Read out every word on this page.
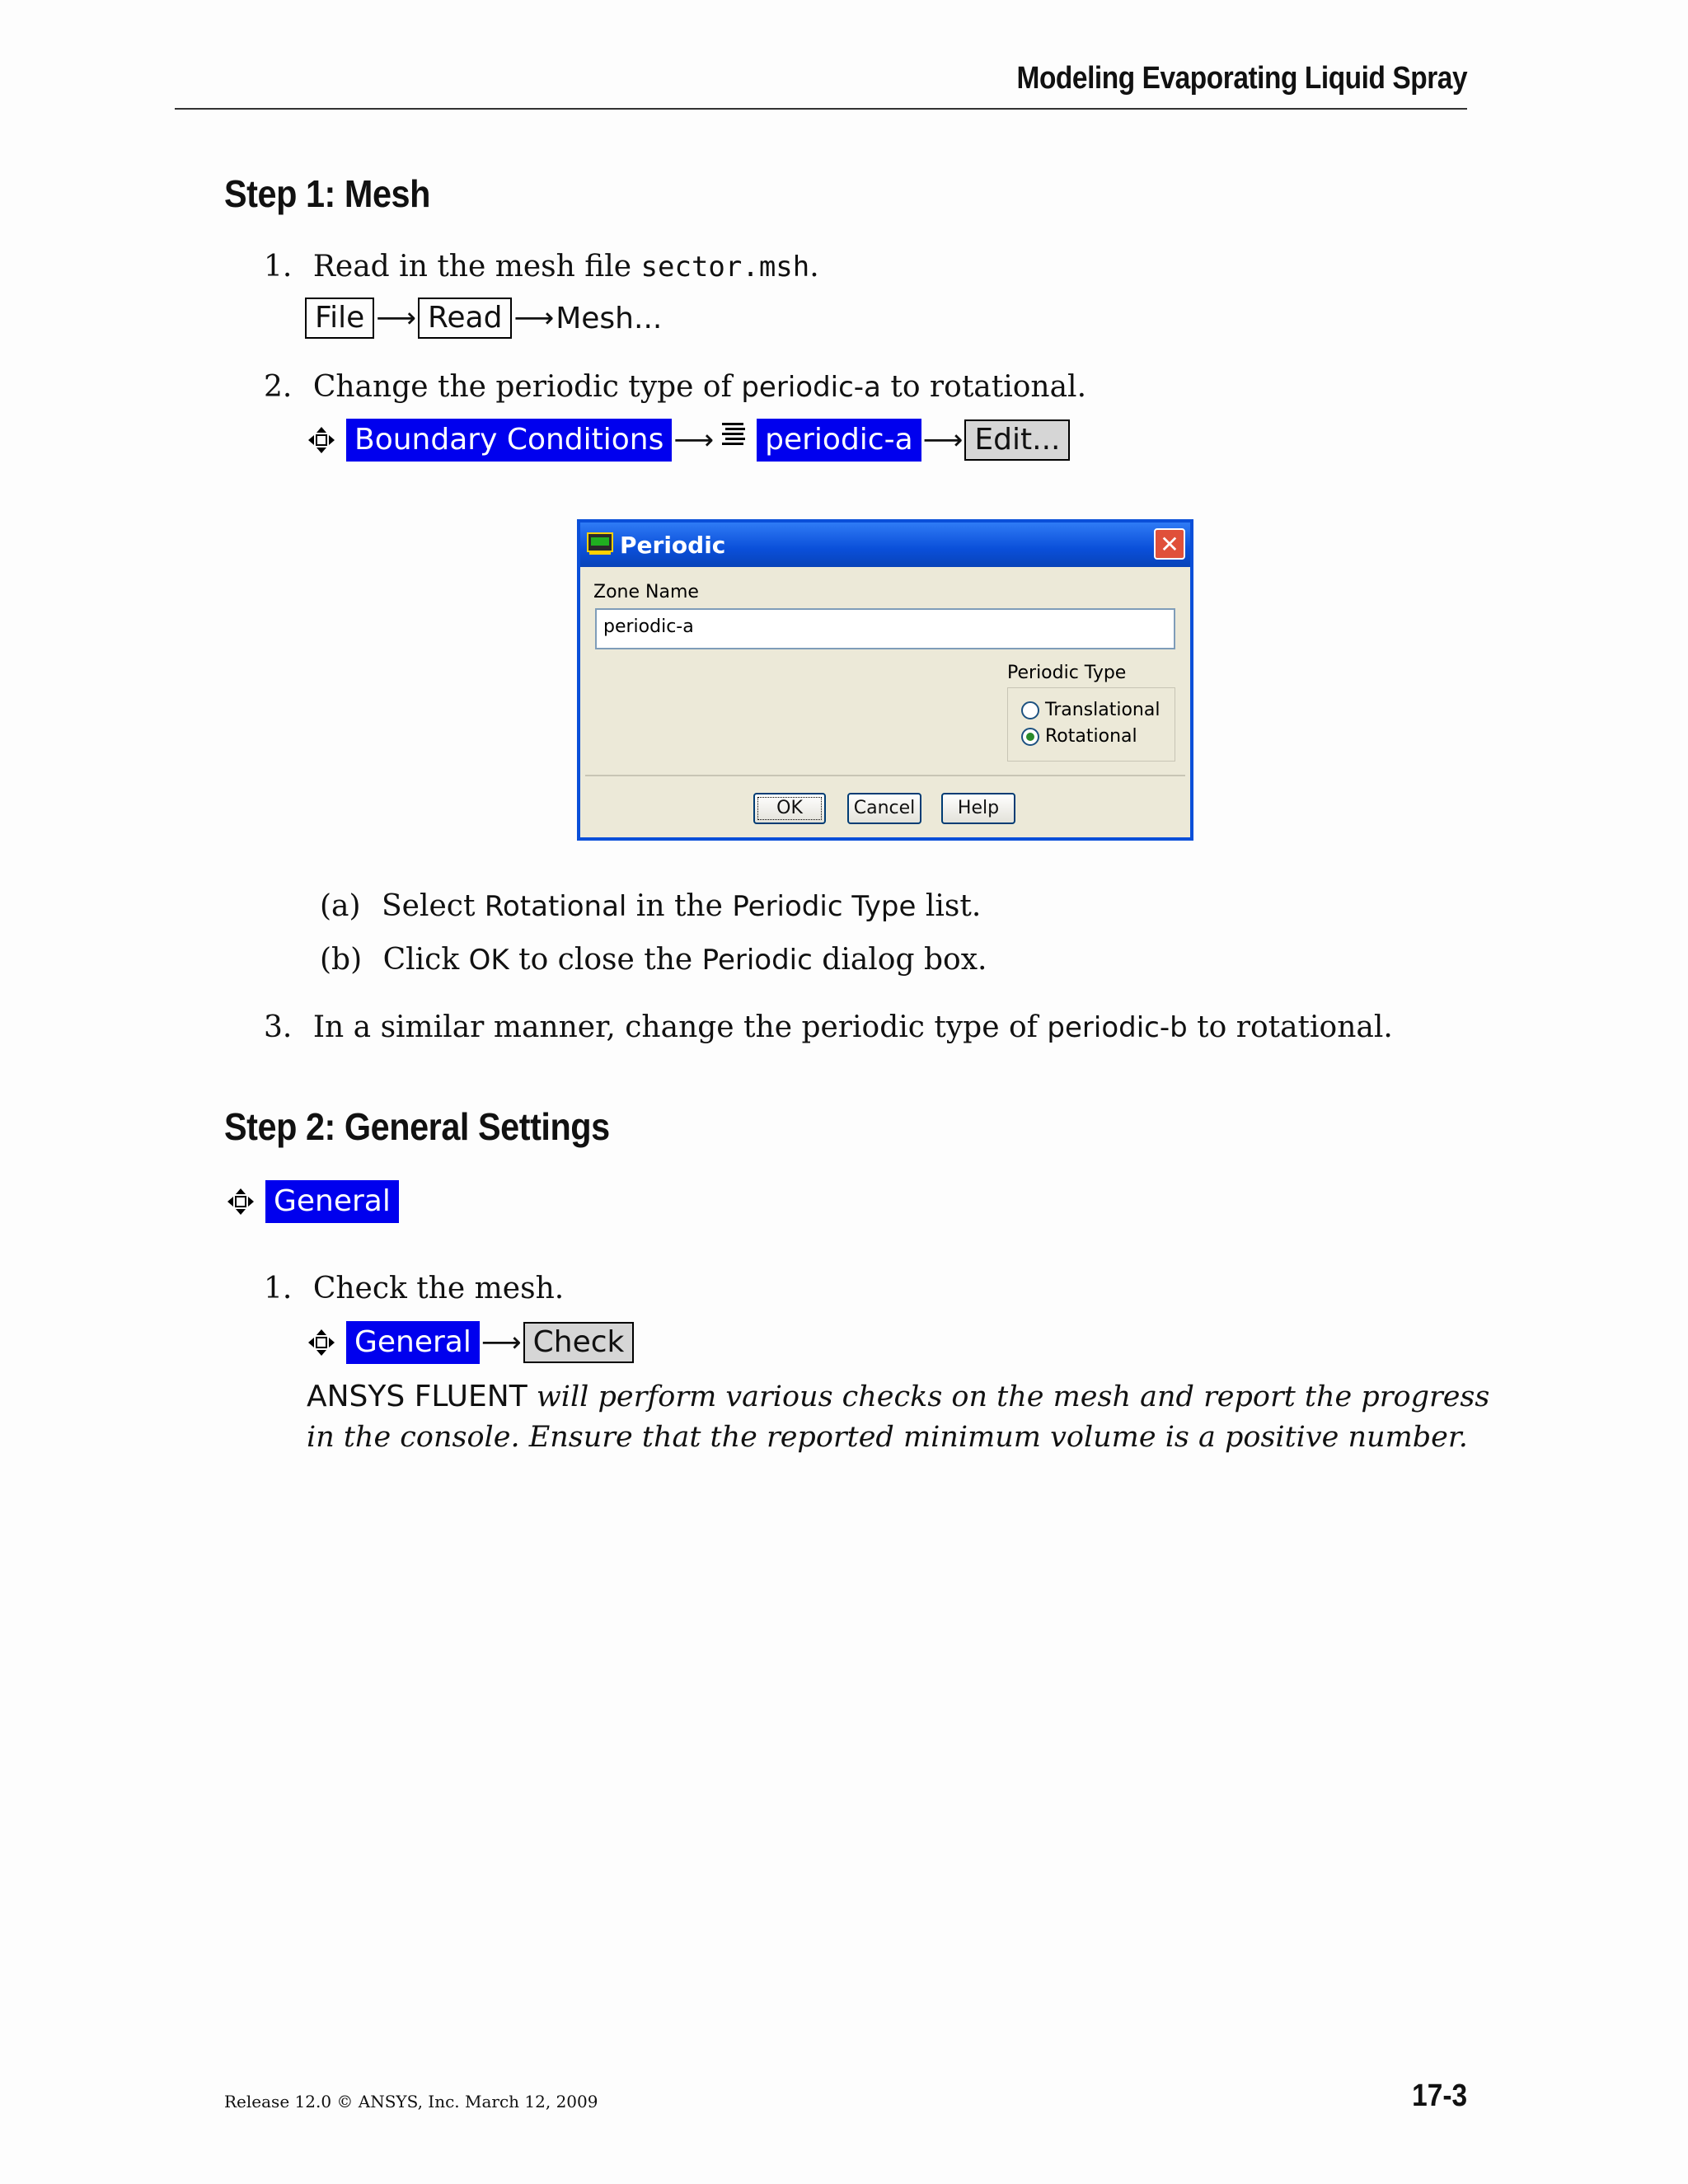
Modeling Evaporating Liquid Spray
Step 1: Mesh
1. Read in the mesh file sector.msh.
File ⟶ Read ⟶ Mesh...
2. Change the periodic type of periodic-a to rotational.
Boundary Conditions ⟶ periodic-a ⟶ Edit...
Periodic	✕
Zone Name
periodic-a
Periodic Type
Translational
Rotational
OK	Cancel	Help
(a) Select Rotational in the Periodic Type list.
(b) Click OK to close the Periodic dialog box.
3. In a similar manner, change the periodic type of periodic-b to rotational.
Step 2: General Settings
General
1. Check the mesh.
General ⟶ Check
ANSYS FLUENT will perform various checks on the mesh and report the progress
in the console. Ensure that the reported minimum volume is a positive number.
Release 12.0 © ANSYS, Inc. March 12, 2009	17-3
